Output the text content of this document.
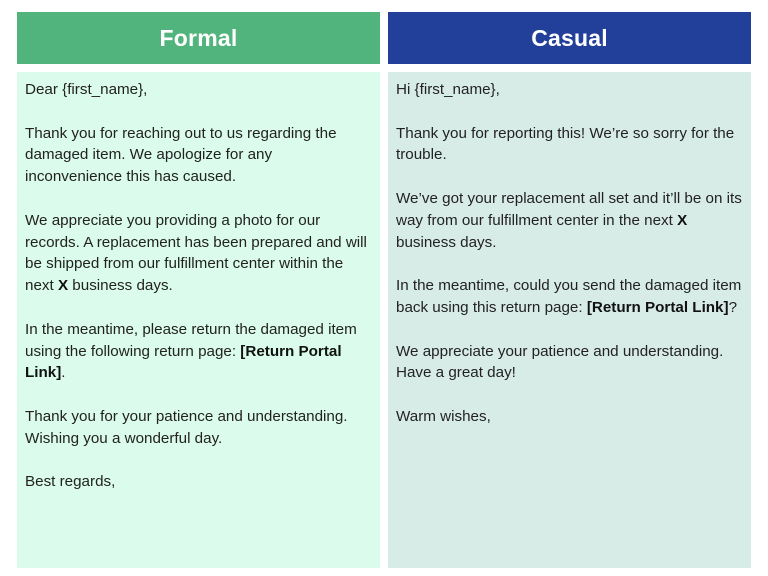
Formal

Dear {first_name},

Thank you for reaching out to us regarding the damaged item. We apologize for any inconvenience this has caused.

We appreciate you providing a photo for our records. A replacement has been prepared and will be shipped from our fulfillment center within the next X business days.

In the meantime, please return the damaged item using the following return page: [Return Portal Link].

Thank you for your patience and understanding. Wishing you a wonderful day.

Best regards,

Casual

Hi {first_name},

Thank you for reporting this! We’re so sorry for the trouble.

We’ve got your replacement all set and it’ll be on its way from our fulfillment center in the next X business days.

In the meantime, could you send the damaged item back using this return page: [Return Portal Link]?

We appreciate your patience and understanding. Have a great day!

Warm wishes,
